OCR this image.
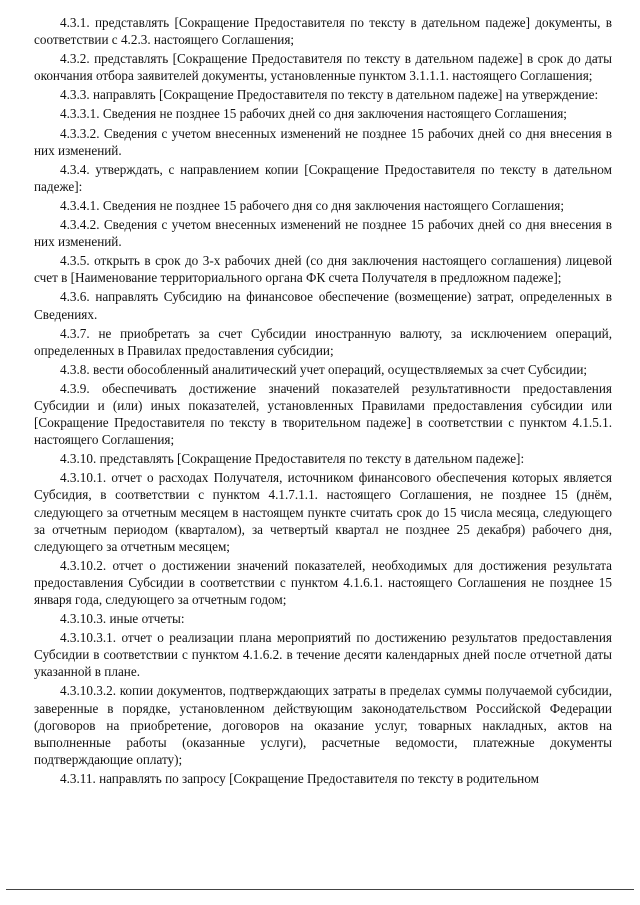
4.3.1. представлять [Сокращение Предоставителя по тексту в дательном падеже] документы, в соответствии с 4.2.3. настоящего Соглашения;

4.3.2. представлять [Сокращение Предоставителя по тексту в дательном падеже] в срок до даты окончания отбора заявителей документы, установленные пунктом 3.1.1.1. настоящего Соглашения;

4.3.3. направлять [Сокращение Предоставителя по тексту в дательном падеже] на утверждение:

4.3.3.1. Сведения не позднее 15 рабочих дней со дня заключения настоящего Соглашения;

4.3.3.2. Сведения с учетом внесенных изменений не позднее 15 рабочих дней со дня внесения в них изменений.

4.3.4. утверждать, с направлением копии [Сокращение Предоставителя по тексту в дательном падеже]:

4.3.4.1. Сведения не позднее 15 рабочего дня со дня заключения настоящего Соглашения;

4.3.4.2. Сведения с учетом внесенных изменений не позднее 15 рабочих дней со дня внесения в них изменений.

4.3.5. открыть в срок до 3-х рабочих дней (со дня заключения настоящего соглашения) лицевой счет в [Наименование территориального органа ФК счета Получателя в предложном падеже];

4.3.6. направлять Субсидию на финансовое обеспечение (возмещение) затрат, определенных в Сведениях.

4.3.7. не приобретать за счет Субсидии иностранную валюту, за исключением операций, определенных в Правилах предоставления субсидии;

4.3.8. вести обособленный аналитический учет операций, осуществляемых за счет Субсидии;

4.3.9. обеспечивать достижение значений показателей результативности предоставления Субсидии и (или) иных показателей, установленных Правилами предоставления субсидии или [Сокращение Предоставителя по тексту в творительном падеже] в соответствии с пунктом 4.1.5.1. настоящего Соглашения;

4.3.10. представлять [Сокращение Предоставителя по тексту в дательном падеже]:

4.3.10.1. отчет о расходах Получателя, источником финансового обеспечения которых является Субсидия, в соответствии с пунктом 4.1.7.1.1. настоящего Соглашения, не позднее 15 (днём, следующего за отчетным месяцем в настоящем пункте считать срок до 15 числа месяца, следующего за отчетным периодом (кварталом), за четвертый квартал не позднее 25 декабря) рабочего дня, следующего за отчетным месяцем;

4.3.10.2. отчет о достижении значений показателей, необходимых для достижения результата предоставления Субсидии в соответствии с пунктом 4.1.6.1. настоящего Соглашения не позднее 15 января года, следующего за отчетным годом;

4.3.10.3. иные отчеты:

4.3.10.3.1. отчет о реализации плана мероприятий по достижению результатов предоставления Субсидии в соответствии с пунктом 4.1.6.2. в течение десяти календарных дней после отчетной даты указанной в плане.

4.3.10.3.2. копии документов, подтверждающих затраты в пределах суммы получаемой субсидии, заверенные в порядке, установленном действующим законодательством Российской Федерации (договоров на приобретение, договоров на оказание услуг, товарных накладных, актов на выполненные работы (оказанные услуги), расчетные ведомости, платежные документы подтверждающие оплату);

4.3.11. направлять по запросу [Сокращение Предоставителя по тексту в родительном
